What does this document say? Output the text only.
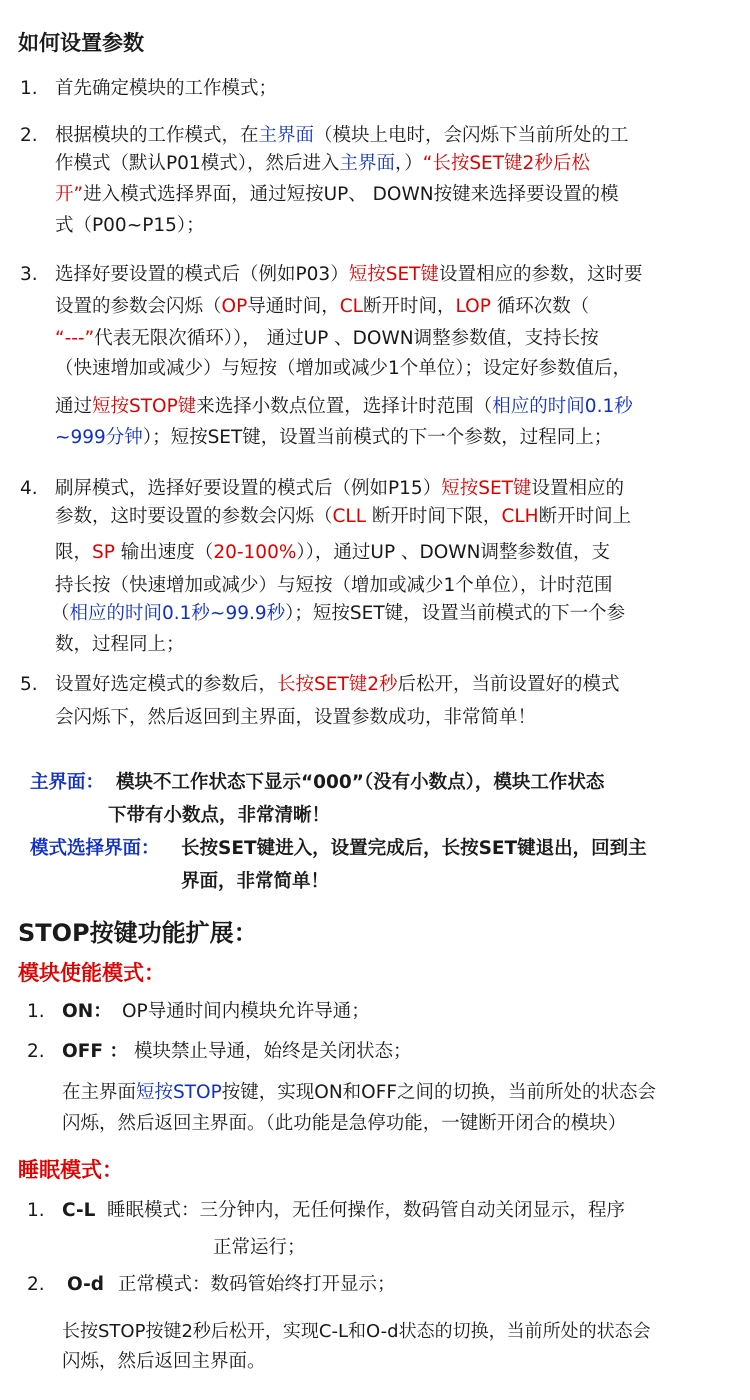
如何设置参数
1. 首先确定模块的工作模式；
2. 根据模块的工作模式，在主界面（模块上电时，会闪烁下当前所处的工
作模式（默认P01模式），然后进入主界面，）“长按SET键2秒后松
开”进入模式选择界面，通过短按UP、 DOWN按键来选择要设置的模
式（P00~P15）；
3. 选择好要设置的模式后（例如P03）短按SET键设置相应的参数，这时要
设置的参数会闪烁（OP导通时间，CL断开时间，LOP 循环次数（
“---”代表无限次循环））， 通过UP 、DOWN调整参数值，支持长按
（快速增加或减少）与短按（增加或减少1个单位）；设定好参数值后，
通过短按STOP键来选择小数点位置，选择计时范围（相应的时间0.1秒
~999分钟）；短按SET键，设置当前模式的下一个参数，过程同上；
4. 刷屏模式，选择好要设置的模式后（例如P15）短按SET键设置相应的
参数，这时要设置的参数会闪烁（CLL 断开时间下限，CLH断开时间上
限，SP 输出速度（20-100%）），通过UP 、DOWN调整参数值，支
持长按（快速增加或减少）与短按（增加或减少1个单位），计时范围
（相应的时间0.1秒~99.9秒）；短按SET键，设置当前模式的下一个参
数，过程同上；
5. 设置好选定模式的参数后，长按SET键2秒后松开，当前设置好的模式
会闪烁下，然后返回到主界面，设置参数成功，非常简单！
主界面： 模块不工作状态下显示“000”（没有小数点），模块工作状态
下带有小数点，非常清晰！
模式选择界面： 长按SET键进入，设置完成后，长按SET键退出，回到主
界面，非常简单！
STOP按键功能扩展：
模块使能模式：
1. ON： OP导通时间内模块允许导通；
2. OFF ： 模块禁止导通，始终是关闭状态；
在主界面短按STOP按键，实现ON和OFF之间的切换，当前所处的状态会
闪烁，然后返回主界面。（此功能是急停功能，一键断开闭合的模块）
睡眠模式：
1. C-L 睡眠模式：三分钟内，无任何操作，数码管自动关闭显示，程序
正常运行；
2. O-d 正常模式：数码管始终打开显示；
长按STOP按键2秒后松开，实现C-L和O-d状态的切换，当前所处的状态会
闪烁，然后返回主界面。
